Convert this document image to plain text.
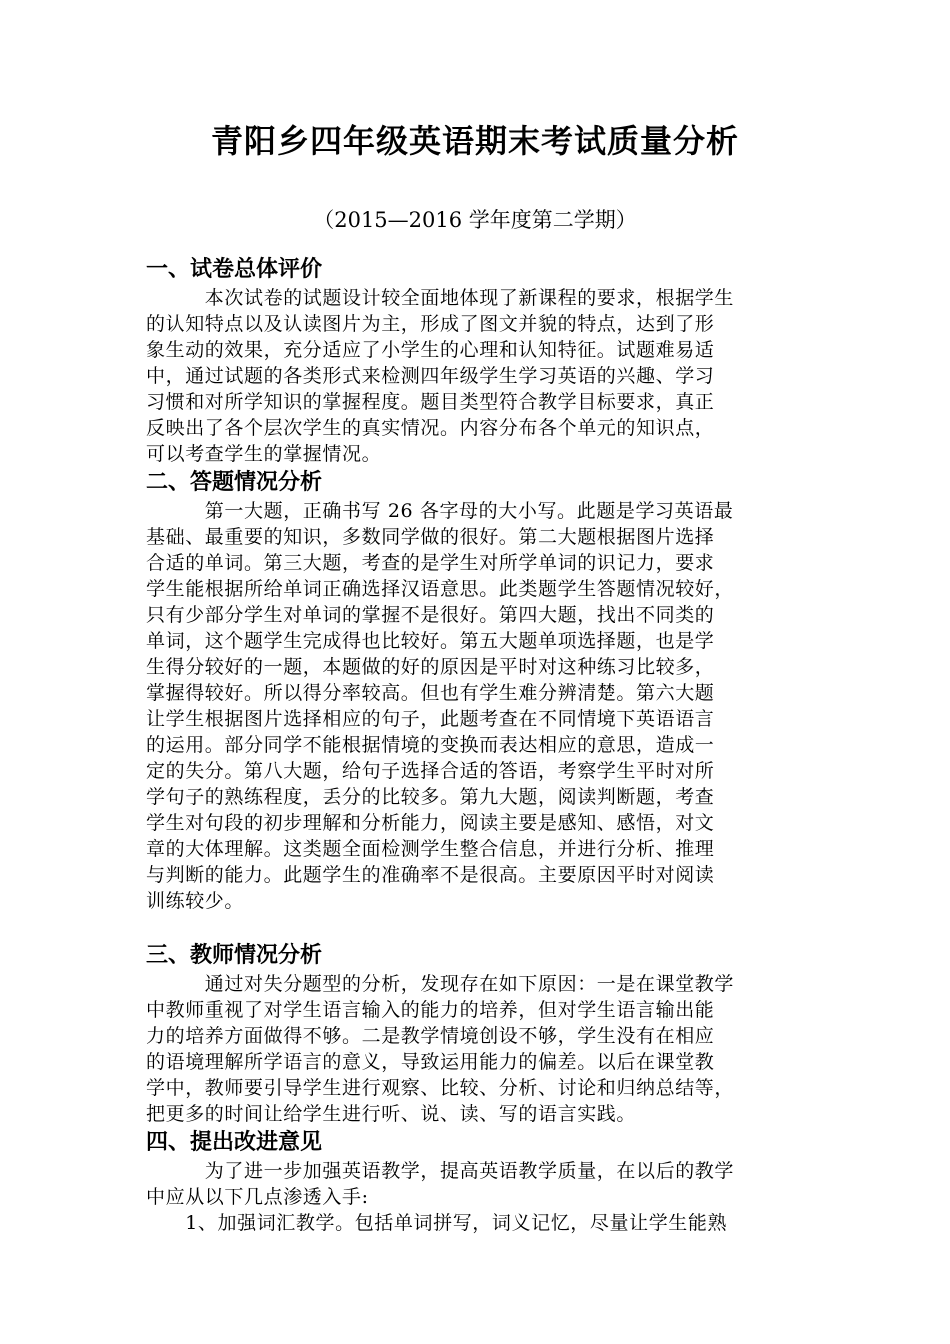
青阳乡四年级英语期末考试质量分析
（2015—2016 学年度第二学期）
一、试卷总体评价
　　　本次试卷的试题设计较全面地体现了新课程的要求，根据学生
的认知特点以及认读图片为主，形成了图文并貌的特点，达到了形
象生动的效果，充分适应了小学生的心理和认知特征。试题难易适
中，通过试题的各类形式来检测四年级学生学习英语的兴趣、学习
习惯和对所学知识的掌握程度。题目类型符合教学目标要求，真正
反映出了各个层次学生的真实情况。内容分布各个单元的知识点，
可以考查学生的掌握情况。
二、答题情况分析
　　　第一大题，正确书写 26 各字母的大小写。此题是学习英语最
基础、最重要的知识，多数同学做的很好。第二大题根据图片选择
合适的单词。第三大题，考查的是学生对所学单词的识记力，要求
学生能根据所给单词正确选择汉语意思。此类题学生答题情况较好，
只有少部分学生对单词的掌握不是很好。第四大题，找出不同类的
单词，这个题学生完成得也比较好。第五大题单项选择题，也是学
生得分较好的一题，本题做的好的原因是平时对这种练习比较多，
掌握得较好。所以得分率较高。但也有学生难分辨清楚。第六大题
让学生根据图片选择相应的句子，此题考查在不同情境下英语语言
的运用。部分同学不能根据情境的变换而表达相应的意思，造成一
定的失分。第八大题，给句子选择合适的答语，考察学生平时对所
学句子的熟练程度，丢分的比较多。第九大题，阅读判断题，考查
学生对句段的初步理解和分析能力，阅读主要是感知、感悟，对文
章的大体理解。这类题全面检测学生整合信息，并进行分析、推理
与判断的能力。此题学生的准确率不是很高。主要原因平时对阅读
训练较少。
三、教师情况分析
　　　通过对失分题型的分析，发现存在如下原因：一是在课堂教学
中教师重视了对学生语言输入的能力的培养，但对学生语言输出能
力的培养方面做得不够。二是教学情境创设不够，学生没有在相应
的语境理解所学语言的意义，导致运用能力的偏差。以后在课堂教
学中，教师要引导学生进行观察、比较、分析、讨论和归纳总结等，
把更多的时间让给学生进行听、说、读、写的语言实践。
四、提出改进意见
　　　为了进一步加强英语教学，提高英语教学质量，在以后的教学
中应从以下几点渗透入手:
　　1、加强词汇教学。包括单词拼写，词义记忆，尽量让学生能熟
